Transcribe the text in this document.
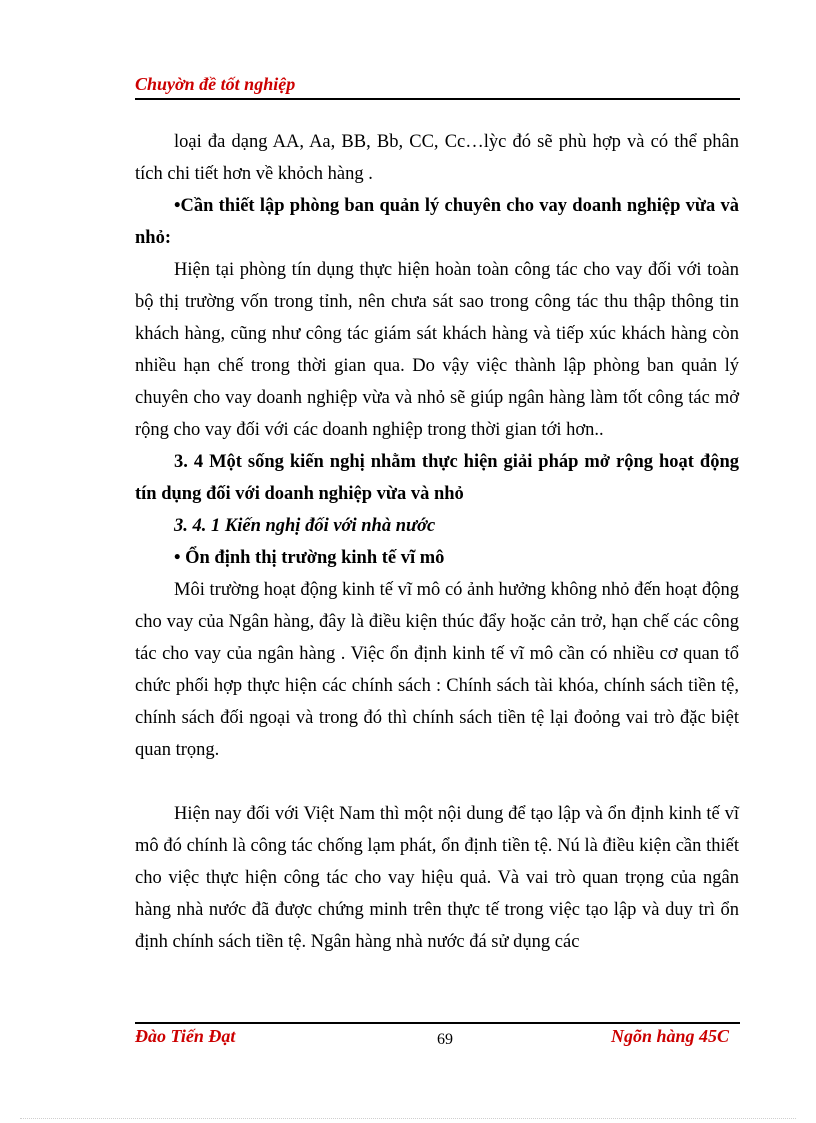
Chuyờn đề tốt nghiệp

loại đa dạng AA, Aa, BB, Bb, CC, Cc…lỳc đó sẽ phù hợp và có thể phân tích chi tiết hơn về khỏch hàng .

•Cần thiết lập phòng ban quản lý chuyên cho vay doanh nghiệp vừa và nhỏ:

Hiện tại phòng tín dụng thực hiện hoàn toàn công tác cho vay đối với toàn bộ thị trường vốn trong tỉnh, nên chưa sát sao trong công tác thu thập thông tin khách hàng, cũng như công tác giám sát khách hàng và tiếp xúc khách hàng còn nhiều hạn chế trong thời gian qua. Do vậy việc thành lập phòng ban quản lý chuyên cho vay doanh nghiệp vừa và nhỏ sẽ giúp ngân hàng làm tốt công tác mở rộng cho vay đối với các doanh nghiệp trong thời gian tới hơn..

3. 4 Một sống kiến nghị nhằm thực hiện giải pháp mở rộng hoạt động tín dụng đối với doanh nghiệp vừa và nhỏ

3. 4. 1 Kiến nghị đối với nhà nước

• Ổn định thị trường kinh tế vĩ mô

Môi trường hoạt động kinh tế vĩ mô có ảnh hưởng không nhỏ đến hoạt động cho vay của Ngân hàng, đây là điều kiện thúc đẩy hoặc cản trở, hạn chế các công tác cho vay của ngân hàng . Việc ổn định kinh tế vĩ mô cần có nhiều cơ quan tổ chức phối hợp thực hiện các chính sách : Chính sách tài khóa, chính sách tiền tệ, chính sách đối ngoại và trong đó thì chính sách tiền tệ lại đoỏng vai trò đặc biệt quan trọng.

Hiện nay đối với Việt Nam thì một nội dung để tạo lập và ổn định kinh tế vĩ mô đó chính là công tác chống lạm phát, ổn định tiền tệ. Nú là điều kiện cần thiết cho việc thực hiện công tác cho vay hiệu quả. Và vai trò quan trọng của ngân hàng nhà nước đã được chứng minh trên thực tế trong việc tạo lập và duy trì ổn định chính sách tiền tệ. Ngân hàng nhà nước đá sử dụng các

Đào Tiến Đạt	69	Ngõn hàng 45C
